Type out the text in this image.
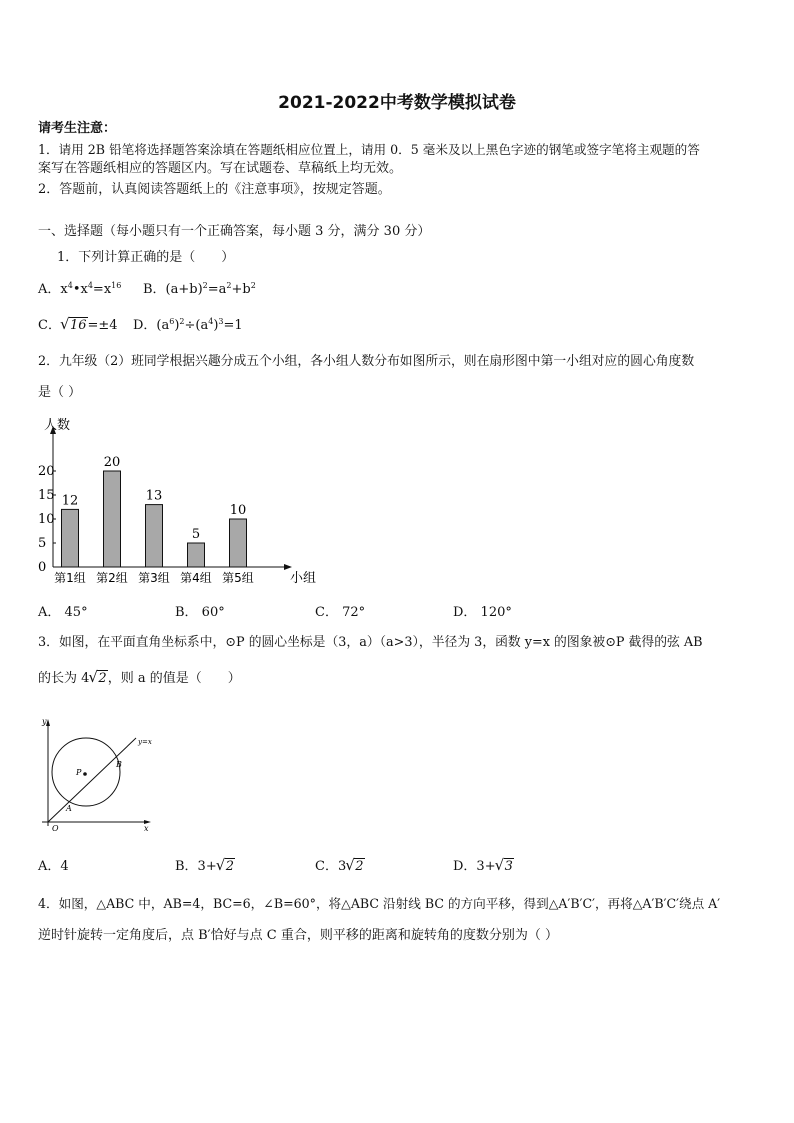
2021-2022中考数学模拟试卷
请考生注意：
1．请用 2B 铅笔将选择题答案涂填在答题纸相应位置上，请用 0．5 毫米及以上黑色字迹的钢笔或签字笔将主观题的答
案写在答题纸相应的答题区内。写在试题卷、草稿纸上均无效。
2．答题前，认真阅读答题纸上的《注意事项》，按规定答题。
一、选择题（每小题只有一个正确答案，每小题 3 分，满分 30 分）
1．下列计算正确的是（　　）
A．$x^4•x^4=x^{16}$ B．$(a+b)^2=a^2+b^2$
C． √ 16=±4 D．$(a^6)^2\div(a^4)^3=1$
2．九年级（2）班同学根据兴趣分成五个小组，各小组人数分布如图所示，则在扇形图中第一小组对应的圆心角度数
是（ ）
人数
小组
0
5
10
15
20
12
第1组
20
第2组
13
第3组
5
第4组
10
第5组
A． 45°	B． 60°	C． 72°	D． 120°
3．如图，在平面直角坐标系中，⊙P 的圆心坐标是（3，a）（a>3），半径为 3，函数 y=x 的图象被⊙P 截得的弦 AB
的长为 4 √ 2，则 a 的值是（　　）
y
x
O
P
A
B
y=x
A．4	B．3+ √ 2	C．3 √ 2	D．3+ √ 3
4．如图，△ABC 中，AB=4，BC=6，∠B=60°，将△ABC 沿射线 BC 的方向平移，得到△A′B′C′，再将△A′B′C′绕点 A′
逆时针旋转一定角度后，点 B′恰好与点 C 重合，则平移的距离和旋转角的度数分别为（ ）
